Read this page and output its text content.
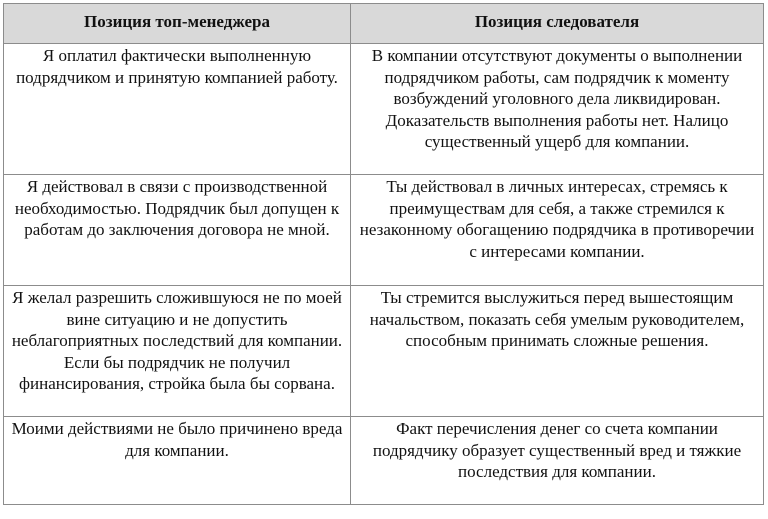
Позиция топ-менеджера	Позиция следователя
Я оплатил фактически выполненную подрядчиком и принятую компанией работу.	В компании отсутствуют документы о выполнении подрядчиком работы, сам подрядчик к моменту возбуждений уголовного дела ликвидирован. Доказательств выполнения работы нет. Налицо существенный ущерб для компании.
Я действовал в связи с производственной необходимостью. Подрядчик был допущен к работам до заключения договора не мной.	Ты действовал в личных интересах, стремясь к преимуществам для себя, а также стремился к незаконному обогащению подрядчика в противоречии с интересами компании.
Я желал разрешить сложившуюся не по моей вине ситуацию и не допустить неблагоприятных последствий для компании. Если бы подрядчик не получил финансирования, стройка была бы сорвана.	Ты стремится выслужиться перед вышестоящим начальством, показать себя умелым руководителем, способным принимать сложные решения.
Моими действиями не было причинено вреда для компании.	Факт перечисления денег со счета компании подрядчику образует существенный вред и тяжкие последствия для компании.
